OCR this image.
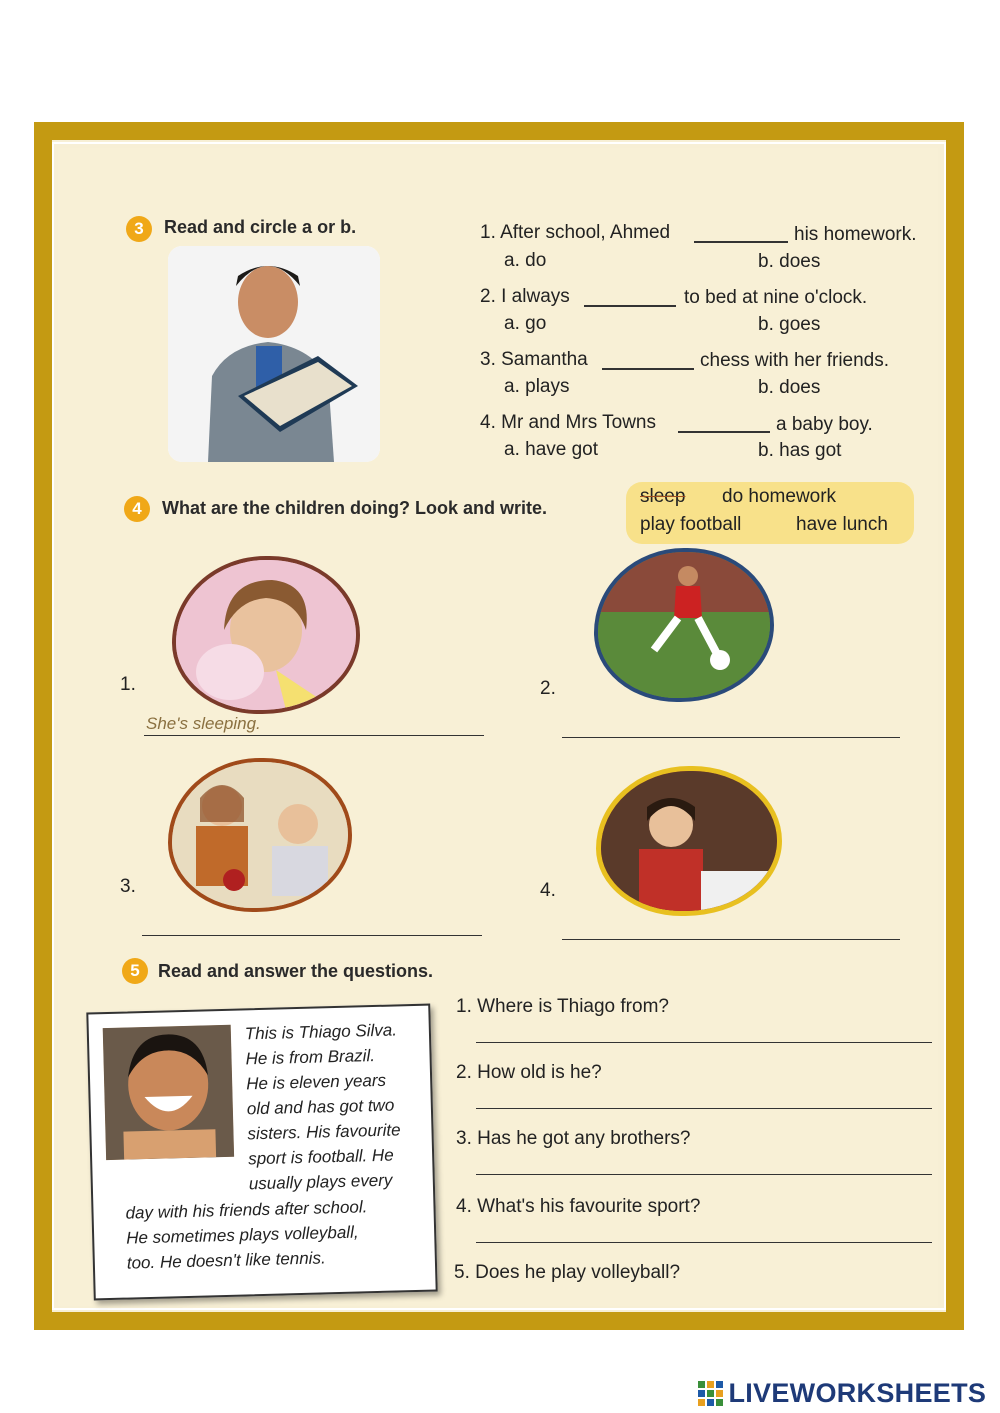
3	Read and circle a or b.	1. After school, Ahmed	his homework.
a. do	b. does
2. I always	to bed at nine o'clock.
a. go	b. goes
3. Samantha	chess with her friends.
a. plays	b. does
4. Mr and Mrs Towns	a baby boy.
a. have got	b. has got
4	What are the children doing? Look and write.
sleep do homework
play football	have lunch
1.
She's sleeping.
2.
3.	4.
5	Read and answer the questions.
This is Thiago Silva.
He is from Brazil.
He is eleven years
old and has got two
sisters. His favourite
sport is football. He
usually plays every
day with his friends after school.
He sometimes plays volleyball,
too. He doesn't like tennis.
1. Where is Thiago from?
2. How old is he?
3. Has he got any brothers?
4. What's his favourite sport?
5. Does he play volleyball?
LIVEWORKSHEETS
